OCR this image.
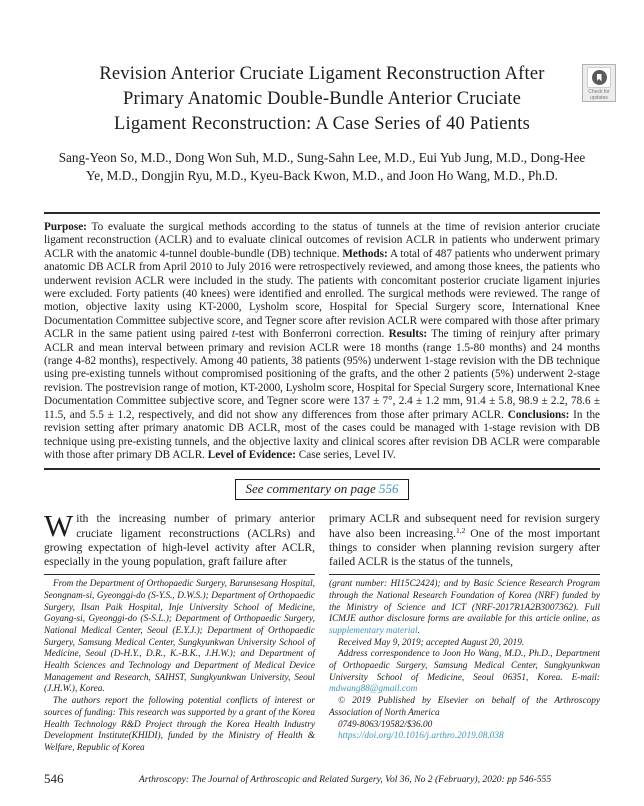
Check for updates
Revision Anterior Cruciate Ligament Reconstruction After Primary Anatomic Double-Bundle Anterior Cruciate Ligament Reconstruction: A Case Series of 40 Patients
Sang-Yeon So, M.D., Dong Won Suh, M.D., Sung-Sahn Lee, M.D., Eui Yub Jung, M.D., Dong-Hee Ye, M.D., Dongjin Ryu, M.D., Kyeu-Back Kwon, M.D., and Joon Ho Wang, M.D., Ph.D.
Purpose: To evaluate the surgical methods according to the status of tunnels at the time of revision anterior cruciate ligament reconstruction (ACLR) and to evaluate clinical outcomes of revision ACLR in patients who underwent primary ACLR with the anatomic 4-tunnel double-bundle (DB) technique. Methods: A total of 487 patients who underwent primary anatomic DB ACLR from April 2010 to July 2016 were retrospectively reviewed, and among those knees, the patients who underwent revision ACLR were included in the study. The patients with concomitant posterior cruciate ligament injuries were excluded. Forty patients (40 knees) were identified and enrolled. The surgical methods were reviewed. The range of motion, objective laxity using KT-2000, Lysholm score, Hospital for Special Surgery score, International Knee Documentation Committee subjective score, and Tegner score after revision ACLR were compared with those after primary ACLR in the same patient using paired t-test with Bonferroni correction. Results: The timing of reinjury after primary ACLR and mean interval between primary and revision ACLR were 18 months (range 1.5-80 months) and 24 months (range 4-82 months), respectively. Among 40 patients, 38 patients (95%) underwent 1-stage revision with the DB technique using pre-existing tunnels without compromised positioning of the grafts, and the other 2 patients (5%) underwent 2-stage revision. The postrevision range of motion, KT-2000, Lysholm score, Hospital for Special Surgery score, International Knee Documentation Committee subjective score, and Tegner score were 137 ± 7°, 2.4 ± 1.2 mm, 91.4 ± 5.8, 98.9 ± 2.2, 78.6 ± 11.5, and 5.5 ± 1.2, respectively, and did not show any differences from those after primary ACLR. Conclusions: In the revision setting after primary anatomic DB ACLR, most of the cases could be managed with 1-stage revision with DB technique using pre-existing tunnels, and the objective laxity and clinical scores after revision DB ACLR were comparable with those after primary DB ACLR. Level of Evidence: Case series, Level IV.
See commentary on page 556

With the increasing number of primary anterior cruciate ligament reconstructions (ACLRs) and growing expectation of high-level activity after ACLR, especially in the young population, graft failure after

From the Department of Orthopaedic Surgery, Barunsesang Hospital, Seongnam-si, Gyeonggi-do (S-Y.S., D.W.S.); Department of Orthopaedic Surgery, Ilsan Paik Hospital, Inje University School of Medicine, Goyang-si, Gyeonggi-do (S-S.L.); Department of Orthopaedic Surgery, National Medical Center, Seoul (E.Y.J.); Department of Orthopaedic Surgery, Samsung Medical Center, Sungkyunkwan University School of Medicine, Seoul (D-H.Y., D.R., K.-B.K., J.H.W.); and Department of Health Sciences and Technology and Department of Medical Device Management and Research, SAIHST, Sungkyunkwan University, Seoul (J.H.W.), Korea.

The authors report the following potential conflicts of interest or sources of funding: This research was supported by a grant of the Korea Health Technology R&D Project through the Korea Health Industry Development Institute(KHIDI), funded by the Ministry of Health & Welfare, Republic of Korea

primary ACLR and subsequent need for revision surgery have also been increasing.$^{1,2}$ One of the most important things to consider when planning revision surgery after failed ACLR is the status of the tunnels,

(grant number: HI15C2424); and by Basic Science Research Program through the National Research Foundation of Korea (NRF) funded by the Ministry of Science and ICT (NRF-2017R1A2B3007362). Full ICMJE author disclosure forms are available for this article online, as supplementary material.

Received May 9, 2019; accepted August 20, 2019.

Address correspondence to Joon Ho Wang, M.D., Ph.D., Department of Orthopaedic Surgery, Samsung Medical Center, Sungkyunkwan University School of Medicine, Seoul 06351, Korea. E-mail: mdwang88@gmail.com

© 2019 Published by Elsevier on behalf of the Arthroscopy Association of North America

0749-8063/19582/$36.00

https://doi.org/10.1016/j.arthro.2019.08.038

546	Arthroscopy: The Journal of Arthroscopic and Related Surgery, Vol 36, No 2 (February), 2020: pp 546-555
